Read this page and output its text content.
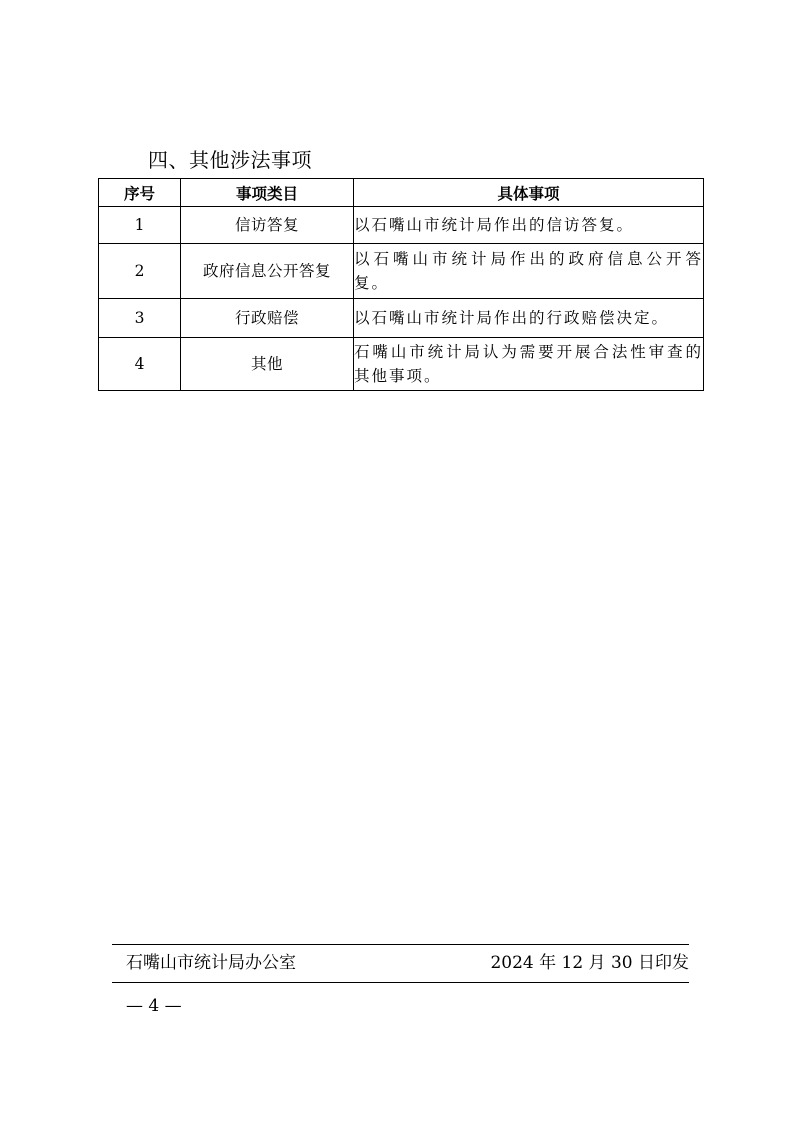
四、其他涉法事项
序号	事项类目	具体事项
1	信访答复	以石嘴山市统计局作出的信访答复。
2	政府信息公开答复	以石嘴山市统计局作出的政府信息公开答复。
3	行政赔偿	以石嘴山市统计局作出的行政赔偿决定。
4	其他	石嘴山市统计局认为需要开展合法性审查的其他事项。
石嘴山市统计局办公室	2024 年 12 月 30 日印发
— 4 —
